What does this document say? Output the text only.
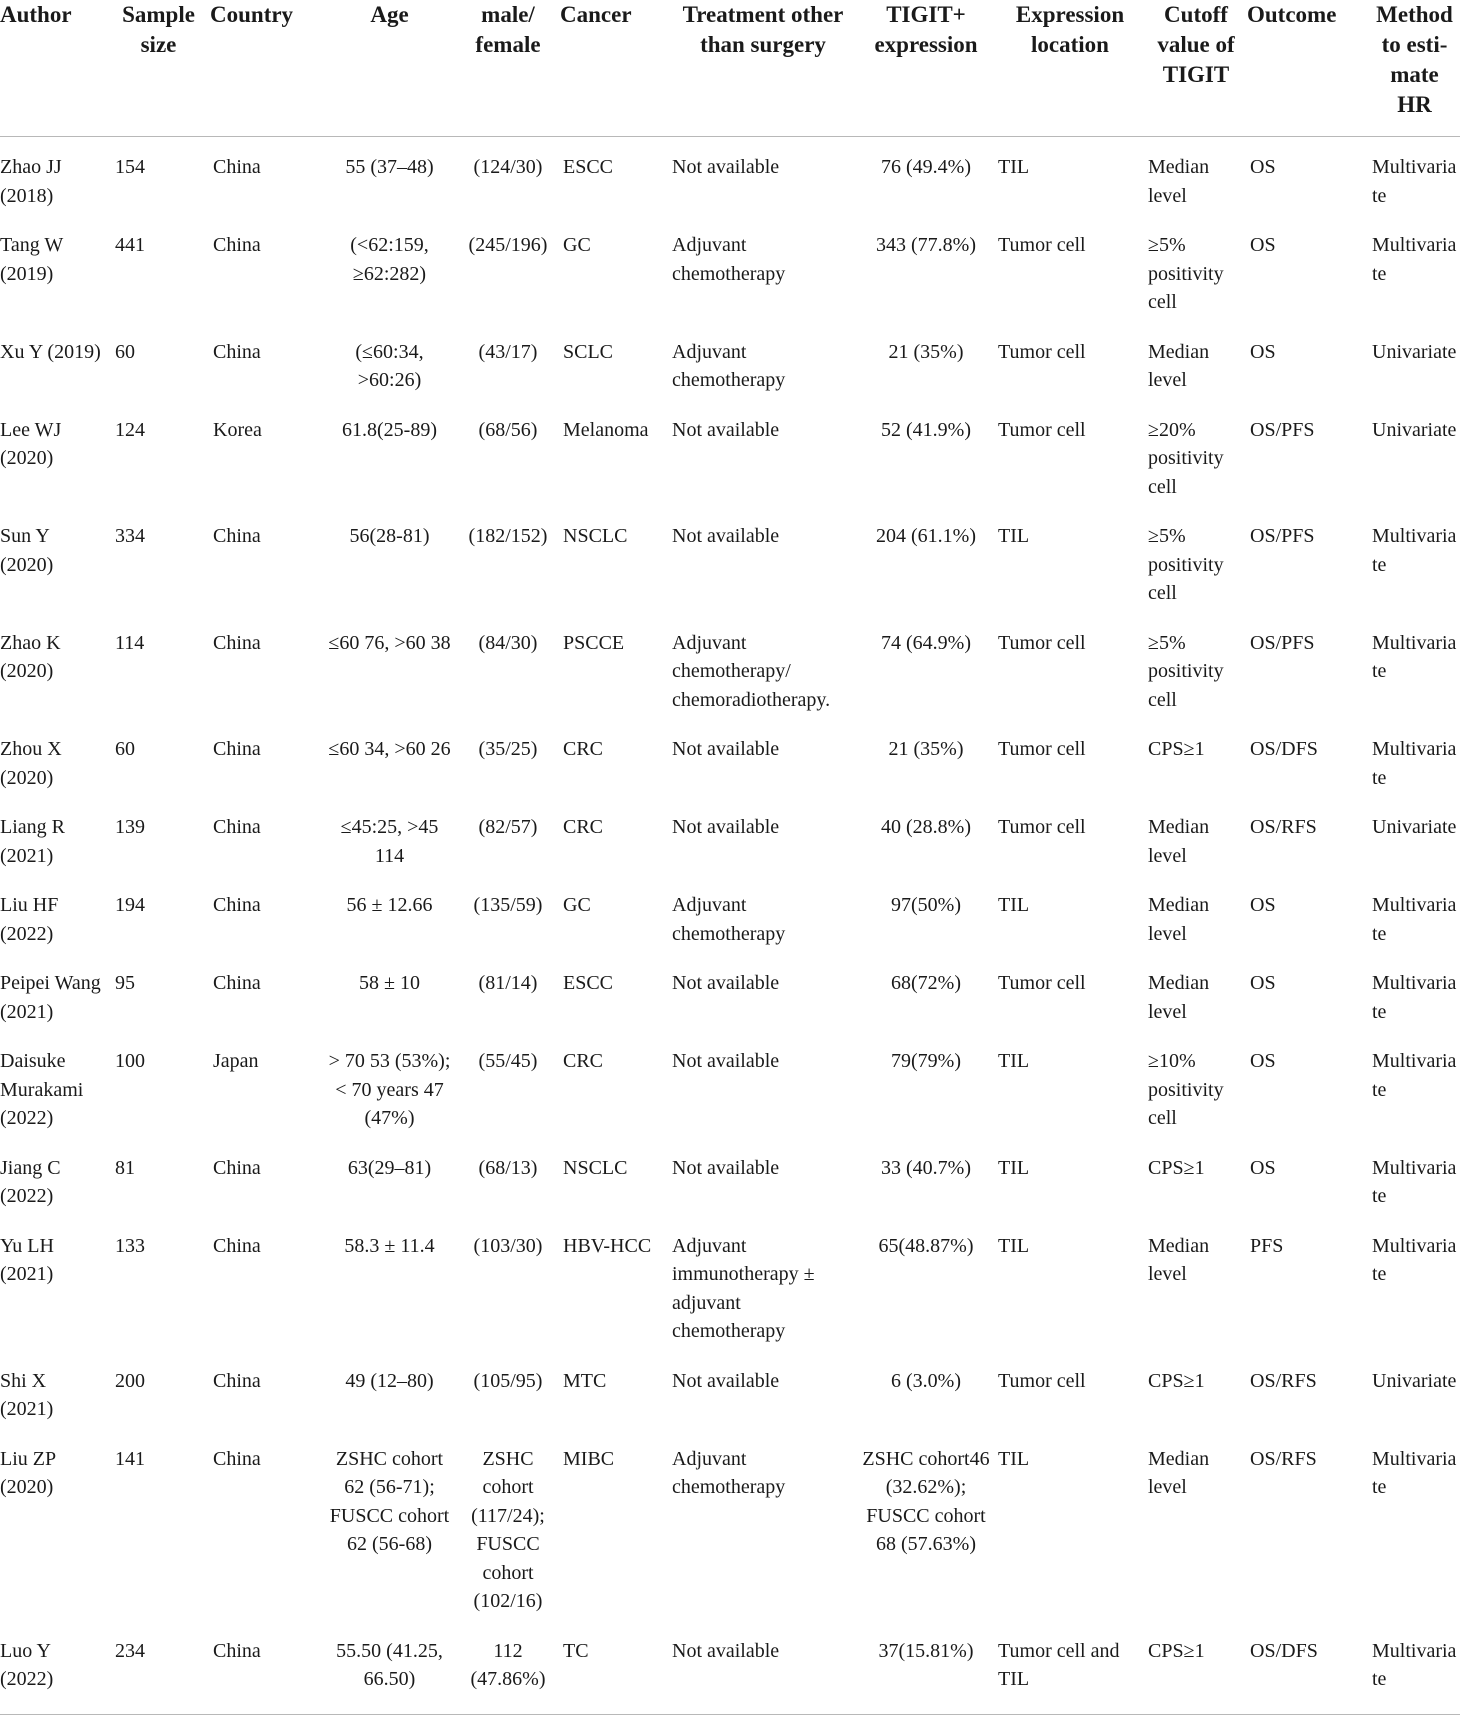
Author	Sample size	Country	Age	male/ female	Cancer	Treatment other than surgery	TIGIT+ expression	Expression location	Cutoff value of TIGIT	Outcome	Method to esti-mate HR
Zhao JJ (2018)	154	China	55 (37–48)	(124/30)	ESCC	Not available	76 (49.4%)	TIL	Median level	OS	Multivariate
Tang W (2019)	441	China	(<62:159, ≥62:282)	(245/196)	GC	Adjuvant chemotherapy	343 (77.8%)	Tumor cell	≥5% positivity cell	OS	Multivariate
Xu Y (2019)	60	China	(≤60:34, >60:26)	(43/17)	SCLC	Adjuvant chemotherapy	21 (35%)	Tumor cell	Median level	OS	Univariate
Lee WJ (2020)	124	Korea	61.8(25-89)	(68/56)	Melanoma	Not available	52 (41.9%)	Tumor cell	≥20% positivity cell	OS/PFS	Univariate
Sun Y (2020)	334	China	56(28-81)	(182/152)	NSCLC	Not available	204 (61.1%)	TIL	≥5% positivity cell	OS/PFS	Multivariate
Zhao K (2020)	114	China	≤60 76, >60 38	(84/30)	PSCCE	Adjuvant chemotherapy/ chemoradiotherapy.	74 (64.9%)	Tumor cell	≥5% positivity cell	OS/PFS	Multivariate
Zhou X (2020)	60	China	≤60 34, >60 26	(35/25)	CRC	Not available	21 (35%)	Tumor cell	CPS≥1	OS/DFS	Multivariate
Liang R (2021)	139	China	≤45:25, >45 114	(82/57)	CRC	Not available	40 (28.8%)	Tumor cell	Median level	OS/RFS	Univariate
Liu HF (2022)	194	China	56 ± 12.66	(135/59)	GC	Adjuvant chemotherapy	97(50%)	TIL	Median level	OS	Multivariate
Peipei Wang (2021)	95	China	58 ± 10	(81/14)	ESCC	Not available	68(72%)	Tumor cell	Median level	OS	Multivariate
Daisuke Murakami (2022)	100	Japan	> 70 53 (53%); < 70 years 47 (47%)	(55/45)	CRC	Not available	79(79%)	TIL	≥10% positivity cell	OS	Multivariate
Jiang C (2022)	81	China	63(29–81)	(68/13)	NSCLC	Not available	33 (40.7%)	TIL	CPS≥1	OS	Multivariate
Yu LH (2021)	133	China	58.3 ± 11.4	(103/30)	HBV-HCC	Adjuvant immunotherapy ± adjuvant chemotherapy	65(48.87%)	TIL	Median level	PFS	Multivariate
Shi X (2021)	200	China	49 (12–80)	(105/95)	MTC	Not available	6 (3.0%)	Tumor cell	CPS≥1	OS/RFS	Univariate
Liu ZP (2020)	141	China	ZSHC cohort 62 (56-71); FUSCC cohort 62 (56-68)	ZSHC cohort (117/24); FUSCC cohort (102/16)	MIBC	Adjuvant chemotherapy	ZSHC cohort46 (32.62%); FUSCC cohort 68 (57.63%)	TIL	Median level	OS/RFS	Multivariate
Luo Y (2022)	234	China	55.50 (41.25, 66.50)	112 (47.86%)	TC	Not available	37(15.81%)	Tumor cell and TIL	CPS≥1	OS/DFS	Multivariate
